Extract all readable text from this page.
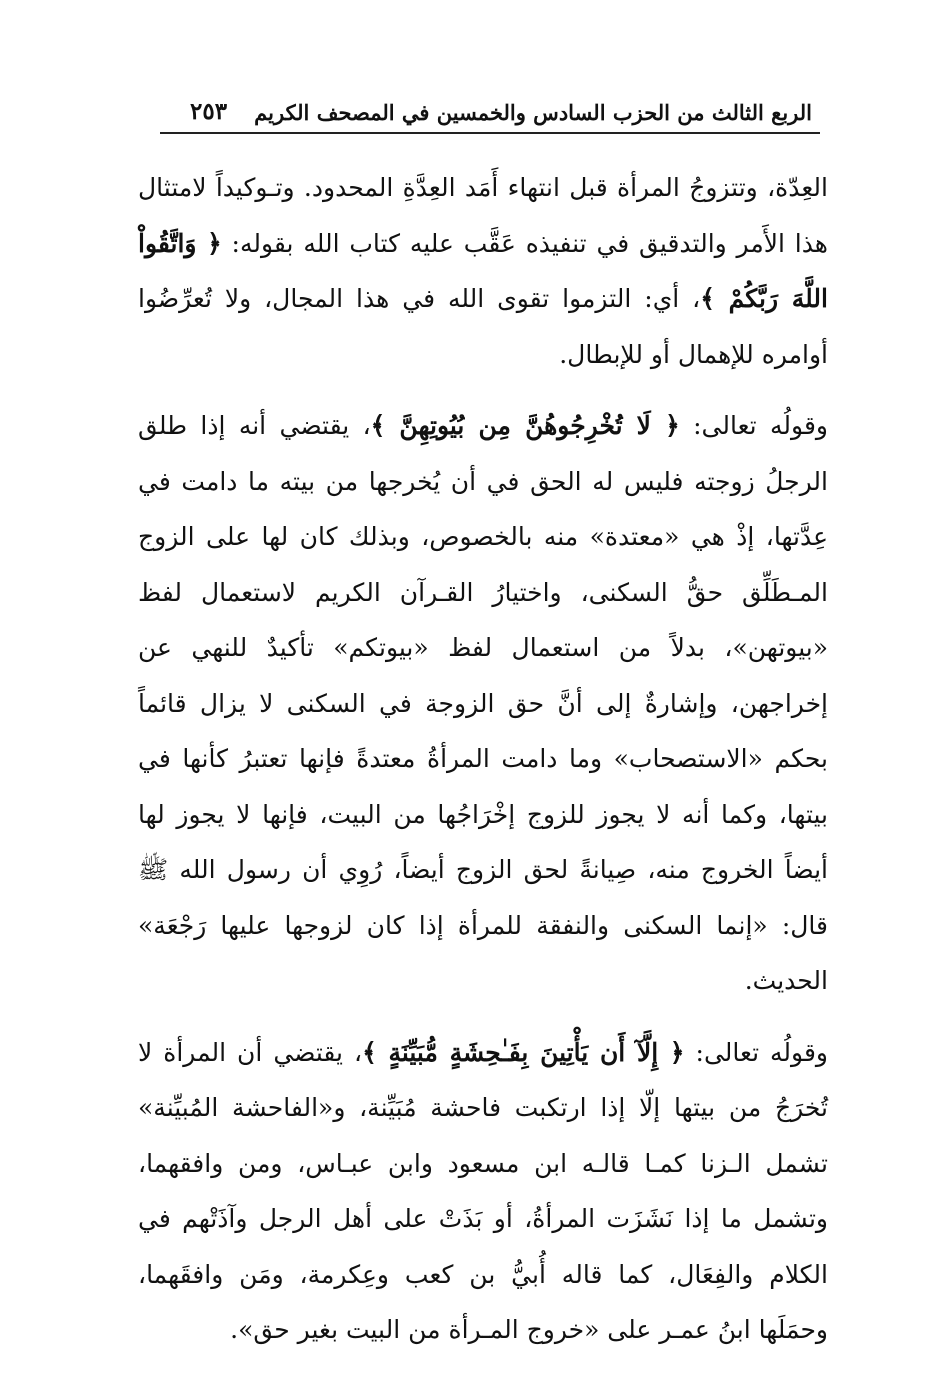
الربع الثالث من الحزب السادس والخمسين في المصحف الكريم
٢٥٣

العِدّة، وتتزوجُ المرأة قبل انتهاء أَمَد العِدَّةِ المحدود. وتـوكيداً لامتثال هذا الأَمر والتدقيق في تنفيذه عَقَّب عليه كتاب الله بقوله: ﴿ وَاتَّقُواْ اللَّهَ رَبَّكُمْ ﴾، أي: التزموا تقوى الله في هذا المجال، ولا تُعرِّضُوا أوامره للإهمال أو للإبطال.

وقولُه تعالى: ﴿ لَا تُخْرِجُوهُنَّ مِن بُيُوتِهِنَّ ﴾، يقتضي أنه إذا طلق الرجلُ زوجته فليس له الحق في أن يُخرجها من بيته ما دامت في عِدَّتها، إذْ هي «معتدة» منه بالخصوص، وبذلك كان لها على الزوج المـطَلِّق حقُّ السكنى، واختيارُ القـرآن الكريم لاستعمال لفظ «بيوتهن»، بدلاً من استعمال لفظ «بيوتكم» تأكيدٌ للنهي عن إخراجهن، وإشارةٌ إلى أنَّ حق الزوجة في السكنى لا يزال قائماً بحكم «الاستصحاب» وما دامت المرأةُ معتدةً فإنها تعتبرُ كأنها في بيتها، وكما أنه لا يجوز للزوج إخْرَاجُها من البيت، فإنها لا يجوز لها أيضاً الخروج منه، صِيانةً لحق الزوج أيضاً، رُوِي أن رسول الله ﷺ قال: «إنما السكنى والنفقة للمرأة إذا كان لزوجها عليها رَجْعَة» الحديث.

وقولُه تعالى: ﴿ إِلَّآ أَن يَأْتِينَ بِفَـٰحِشَةٍ مُّبَيِّنَةٍ ﴾، يقتضي أن المرأة لا تُخرَجُ من بيتها إلّا إذا ارتكبت فاحشة مُبَيِّنة، و«الفاحشة المُبيِّنة» تشمل الـزنا كمـا قالـه ابن مسعود وابن عبـاس، ومن وافقهما، وتشمل ما إذا نَشَزَت المرأةُ، أو بَذَتْ على أهل الرجل وآذَتْهم في الكلام والفِعَال، كما قاله أُبيُّ بن كعب وعِكرمة، ومَن وافقَهما، وحمَلَها ابنُ عمـر على «خروج المـرأة من البيت بغير حق».
